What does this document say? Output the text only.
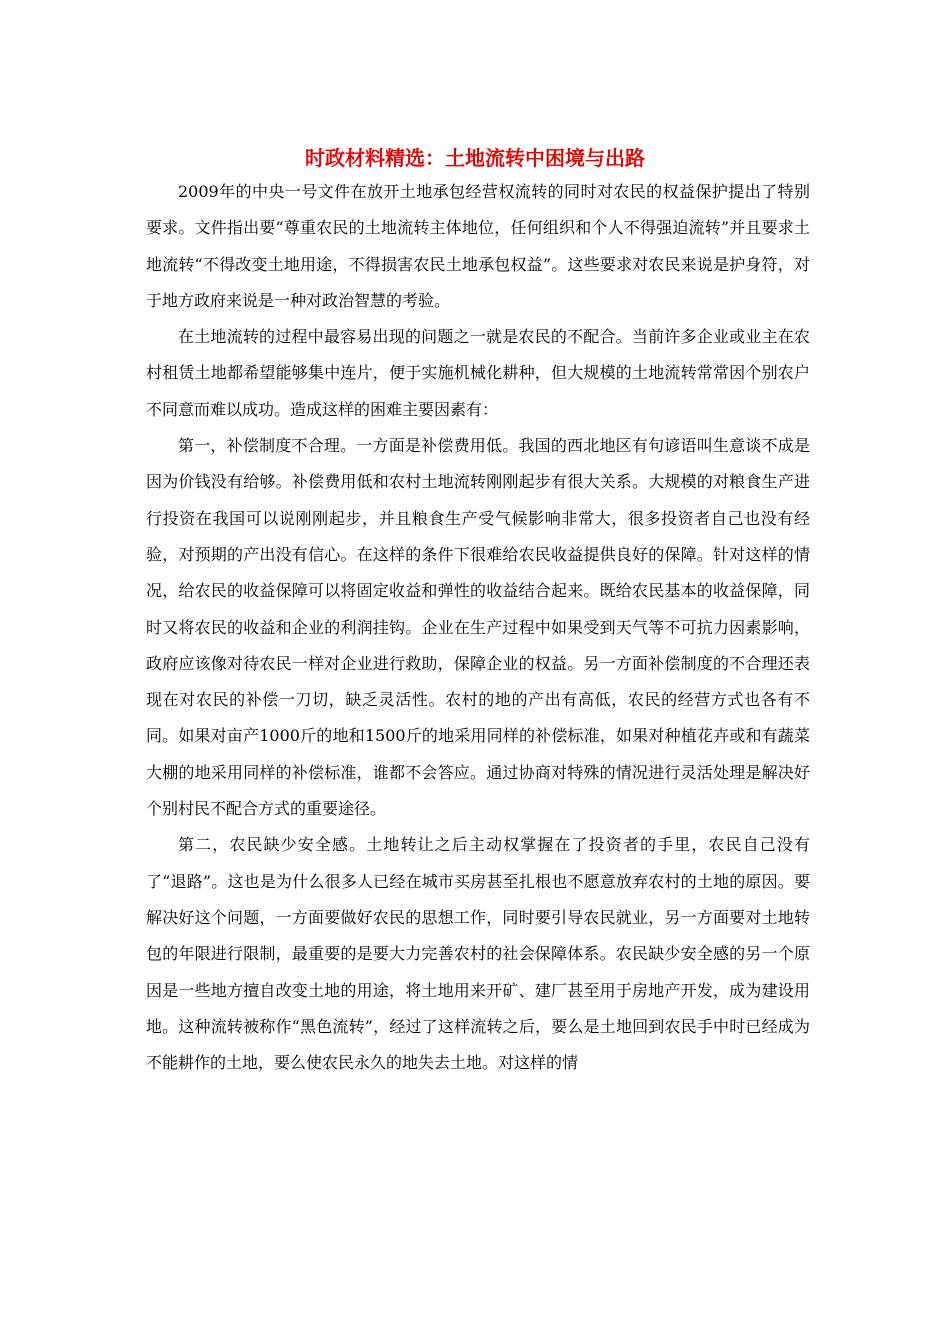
时政材料精选：土地流转中困境与出路

2009年的中央一号文件在放开土地承包经营权流转的同时对农民的权益保护提出了特别要求。文件指出要“尊重农民的土地流转主体地位，任何组织和个人不得强迫流转”并且要求土地流转“不得改变土地用途，不得损害农民土地承包权益”。这些要求对农民来说是护身符，对于地方政府来说是一种对政治智慧的考验。

在土地流转的过程中最容易出现的问题之一就是农民的不配合。当前许多企业或业主在农村租赁土地都希望能够集中连片，便于实施机械化耕种，但大规模的土地流转常常因个别农户不同意而难以成功。造成这样的困难主要因素有：

第一，补偿制度不合理。一方面是补偿费用低。我国的西北地区有句谚语叫生意谈不成是因为价钱没有给够。补偿费用低和农村土地流转刚刚起步有很大关系。大规模的对粮食生产进行投资在我国可以说刚刚起步，并且粮食生产受气候影响非常大，很多投资者自己也没有经验，对预期的产出没有信心。在这样的条件下很难给农民收益提供良好的保障。针对这样的情况，给农民的收益保障可以将固定收益和弹性的收益结合起来。既给农民基本的收益保障，同时又将农民的收益和企业的利润挂钩。企业在生产过程中如果受到天气等不可抗力因素影响，政府应该像对待农民一样对企业进行救助，保障企业的权益。另一方面补偿制度的不合理还表现在对农民的补偿一刀切，缺乏灵活性。农村的地的产出有高低，农民的经营方式也各有不同。如果对亩产1000斤的地和1500斤的地采用同样的补偿标准，如果对种植花卉或和有蔬菜大棚的地采用同样的补偿标准，谁都不会答应。通过协商对特殊的情况进行灵活处理是解决好个别村民不配合方式的重要途径。

第二，农民缺少安全感。土地转让之后主动权掌握在了投资者的手里，农民自己没有了“退路”。这也是为什么很多人已经在城市买房甚至扎根也不愿意放弃农村的土地的原因。要解决好这个问题，一方面要做好农民的思想工作，同时要引导农民就业，另一方面要对土地转包的年限进行限制，最重要的是要大力完善农村的社会保障体系。农民缺少安全感的另一个原因是一些地方擅自改变土地的用途，将土地用来开矿、建厂甚至用于房地产开发，成为建设用地。这种流转被称作“黑色流转”，经过了这样流转之后，要么是土地回到农民手中时已经成为不能耕作的土地，要么使农民永久的地失去土地。对这样的情
